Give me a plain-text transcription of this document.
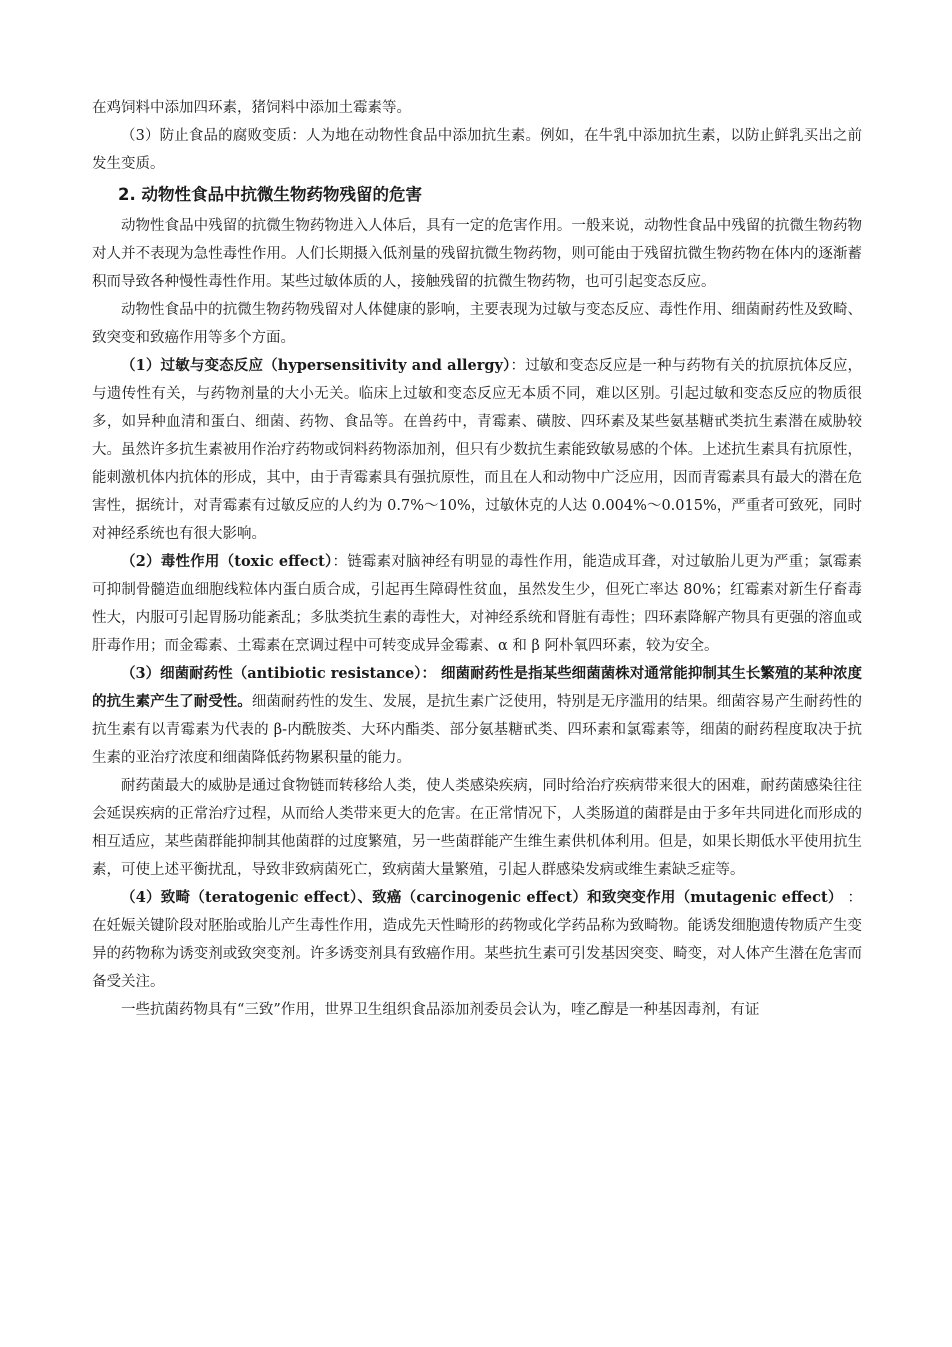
在鸡饲料中添加四环素，猪饲料中添加土霉素等。

（3）防止食品的腐败变质：人为地在动物性食品中添加抗生素。例如，在牛乳中添加抗生素，以防止鲜乳买出之前发生变质。

2. 动物性食品中抗微生物药物残留的危害

动物性食品中残留的抗微生物药物进入人体后，具有一定的危害作用。一般来说，动物性食品中残留的抗微生物药物对人并不表现为急性毒性作用。人们长期摄入低剂量的残留抗微生物药物，则可能由于残留抗微生物药物在体内的逐渐蓄积而导致各种慢性毒性作用。某些过敏体质的人，接触残留的抗微生物药物，也可引起变态反应。

动物性食品中的抗微生物药物残留对人体健康的影响，主要表现为过敏与变态反应、毒性作用、细菌耐药性及致畸、致突变和致癌作用等多个方面。

（1）过敏与变态反应（hypersensitivity and allergy）：过敏和变态反应是一种与药物有关的抗原抗体反应，与遗传性有关，与药物剂量的大小无关。临床上过敏和变态反应无本质不同，难以区别。引起过敏和变态反应的物质很多，如异种血清和蛋白、细菌、药物、食品等。在兽药中，青霉素、磺胺、四环素及某些氨基糖甙类抗生素潜在威胁较大。虽然许多抗生素被用作治疗药物或饲料药物添加剂，但只有少数抗生素能致敏易感的个体。上述抗生素具有抗原性，能刺激机体内抗体的形成，其中，由于青霉素具有强抗原性，而且在人和动物中广泛应用，因而青霉素具有最大的潜在危害性，据统计，对青霉素有过敏反应的人约为 0.7%～10%，过敏休克的人达 0.004%～0.015%，严重者可致死，同时对神经系统也有很大影响。

（2）毒性作用（toxic effect）：链霉素对脑神经有明显的毒性作用，能造成耳聋，对过敏胎儿更为严重；氯霉素可抑制骨髓造血细胞线粒体内蛋白质合成，引起再生障碍性贫血，虽然发生少，但死亡率达 80%；红霉素对新生仔畜毒性大，内服可引起胃肠功能紊乱；多肽类抗生素的毒性大，对神经系统和肾脏有毒性；四环素降解产物具有更强的溶血或肝毒作用；而金霉素、土霉素在烹调过程中可转变成异金霉素、α 和 β 阿朴氧四环素，较为安全。

（3）细菌耐药性（antibiotic resistance）： 细菌耐药性是指某些细菌菌株对通常能抑制其生长繁殖的某种浓度的抗生素产生了耐受性。细菌耐药性的发生、发展，是抗生素广泛使用，特别是无序滥用的结果。细菌容易产生耐药性的抗生素有以青霉素为代表的 β-内酰胺类、大环内酯类、部分氨基糖甙类、四环素和氯霉素等，细菌的耐药程度取决于抗生素的亚治疗浓度和细菌降低药物累积量的能力。

耐药菌最大的威胁是通过食物链而转移给人类，使人类感染疾病，同时给治疗疾病带来很大的困难，耐药菌感染往往会延误疾病的正常治疗过程，从而给人类带来更大的危害。在正常情况下，人类肠道的菌群是由于多年共同进化而形成的相互适应，某些菌群能抑制其他菌群的过度繁殖，另一些菌群能产生维生素供机体利用。但是，如果长期低水平使用抗生素，可使上述平衡扰乱，导致非致病菌死亡，致病菌大量繁殖，引起人群感染发病或维生素缺乏症等。

（4）致畸（teratogenic effect）、致癌（carcinogenic effect）和致突变作用（mutagenic effect） ： 在妊娠关键阶段对胚胎或胎儿产生毒性作用，造成先天性畸形的药物或化学药品称为致畸物。能诱发细胞遗传物质产生变异的药物称为诱变剂或致突变剂。许多诱变剂具有致癌作用。某些抗生素可引发基因突变、畸变，对人体产生潜在危害而备受关注。

一些抗菌药物具有“三致”作用，世界卫生组织食品添加剂委员会认为，喹乙醇是一种基因毒剂，有证
